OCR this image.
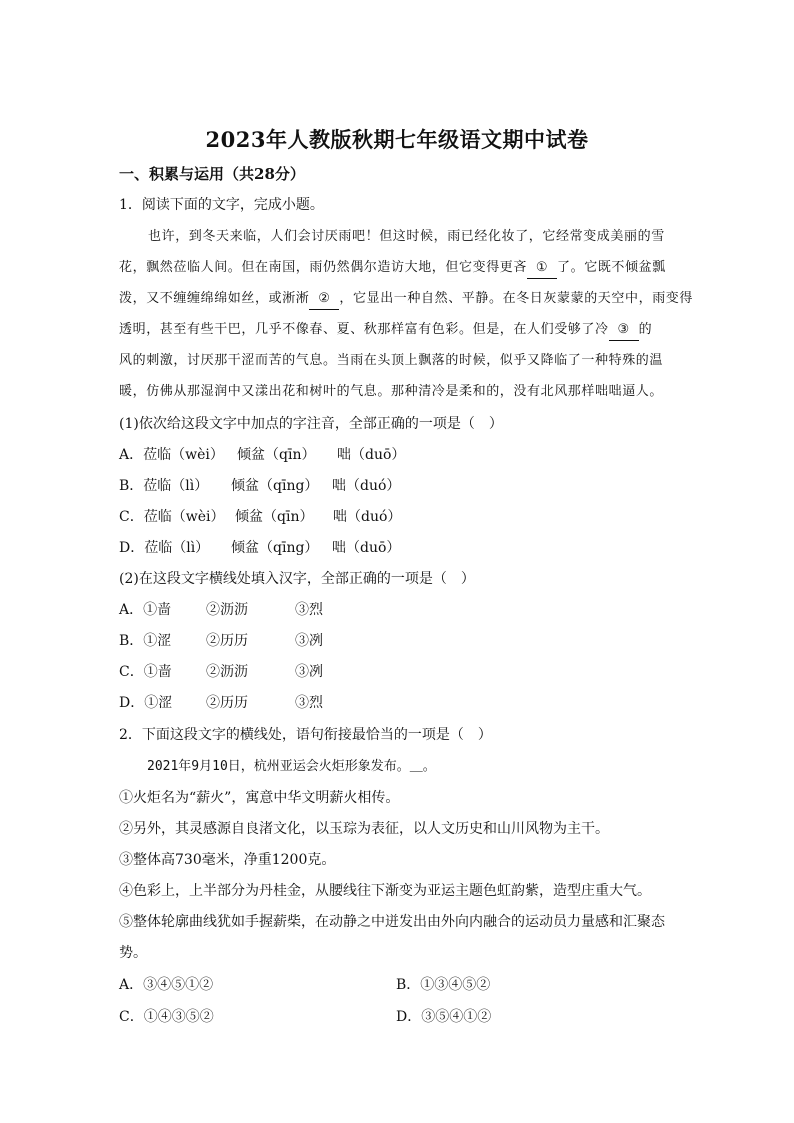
2023年人教版秋期七年级语文期中试卷
一、积累与运用（共28分）
1．阅读下面的文字，完成小题。
也许，到冬天来临，人们会讨厌雨吧！但这时候，雨已经化妆了，它经常变成美丽的雪
花，飘然莅临人间。但在南国，雨仍然偶尔造访大地，但它变得更吝 ① 了。它既不倾盆瓢
泼，又不缠缠绵绵如丝，或淅淅 ② ，它显出一种自然、平静。在冬日灰蒙蒙的天空中，雨变得
透明，甚至有些干巴，几乎不像春、夏、秋那样富有色彩。但是，在人们受够了冷 ③ 的
风的刺激，讨厌那干涩而苦的气息。当雨在头顶上飘落的时候，似乎又降临了一种特殊的温
暖，仿佛从那湿润中又漾出花和树叶的气息。那种清冷是柔和的，没有北风那样咄咄逼人。
(1)依次给这段文字中加点的字注音，全部正确的一项是（　）
A．莅临（wèi） 倾盆（qīn） 咄（duō）
B．莅临（lì） 倾盆（qīng） 咄（duó）
C．莅临（wèi） 倾盆（qīn） 咄（duó）
D．莅临（lì） 倾盆（qīng） 咄（duō）
(2)在这段文字横线处填入汉字，全部正确的一项是（　）
A．①啬 ②沥沥	③烈
B．①涩 ②历历	③冽
C．①啬 ②沥沥	③冽
D．①涩 ②历历	③烈
2．下面这段文字的横线处，语句衔接最恰当的一项是（　）
2021年9月10日，杭州亚运会火炬形象发布。＿。
①火炬名为“薪火”，寓意中华文明薪火相传。
②另外，其灵感源自良渚文化，以玉琮为表征，以人文历史和山川风物为主干。
③整体高730毫米，净重1200克。
④色彩上，上半部分为丹桂金，从腰线往下渐变为亚运主题色虹韵紫，造型庄重大气。
⑤整体轮廓曲线犹如手握薪柴，在动静之中迸发出由外向内融合的运动员力量感和汇聚态
势。
A．③④⑤①②	B．①③④⑤②
C．①④③⑤②	D．③⑤④①②
